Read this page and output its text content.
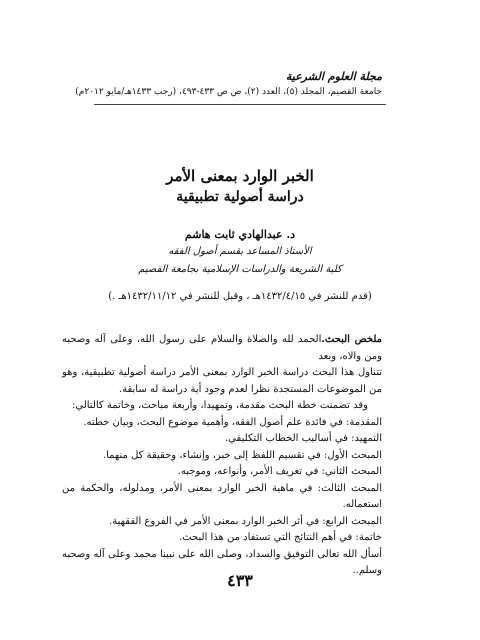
مجلة العلوم الشرعية
جامعة القصيم، المجلد (٥)، العدد (٢)، ص ص ٤٣٣-٤٩٣، (رجب ١٤٣٣هـ/مايو ٢٠١٢م)
الخبر الوارد بمعنى الأمر
دراسة أصولية تطبيقية
د. عبدالهادي ثابت هاشم
الأستاذ المساعد بقسم أصول الفقه
كلية الشريعة والدراسات الإسلامية بجامعة القصيم
(قدم للنشر في ١٤٣٢/٤/١٥هـ ، وقبل للنشر في ١٤٣٢/١١/١٢هـ .)

ملخص البحث.الحمد لله والصلاة والسلام على رسول الله، وعلى آله وصحبه ومن والاه، وبعد

تتناول هذا البحث دراسة الخبر الوارد بمعنى الأمر دراسة أصولية تطبيقية، وهو من الموضوعات المستجدة نظرا لعدم وجود أية دراسة له سابقة.

وقد تضمنت خطة البحث مقدمة، وتمهيدا، وأربعة مباحث، وخاتمة كالتالي:

المقدمة: في فائدة علم أصول الفقه، وأهمية موضوع البحث، وبيان خطته.

التمهيد: في أساليب الخطاب التكليفي.

المبحث الأول: في تقسيم اللفظ إلى خبر، وإنشاء، وحقيقة كل منهما.

المبحث الثاني: في تعريف الأمر، وأنواعه، وموجبه.

المبحث الثالث: في ماهية الخبر الوارد بمعنى الأمر، ومدلوله، والحكمة من استعماله.

المبحث الرابع: في أثر الخبر الوارد بمعنى الأمر في الفروع الفقهية.

خاتمة: في أهم النتائج التي تستفاد من هذا البحث.

أسأل الله تعالى التوفيق والسداد، وصلى الله على نبينا محمد وعلى آله وصحبه وسلم..

٤٣٣
